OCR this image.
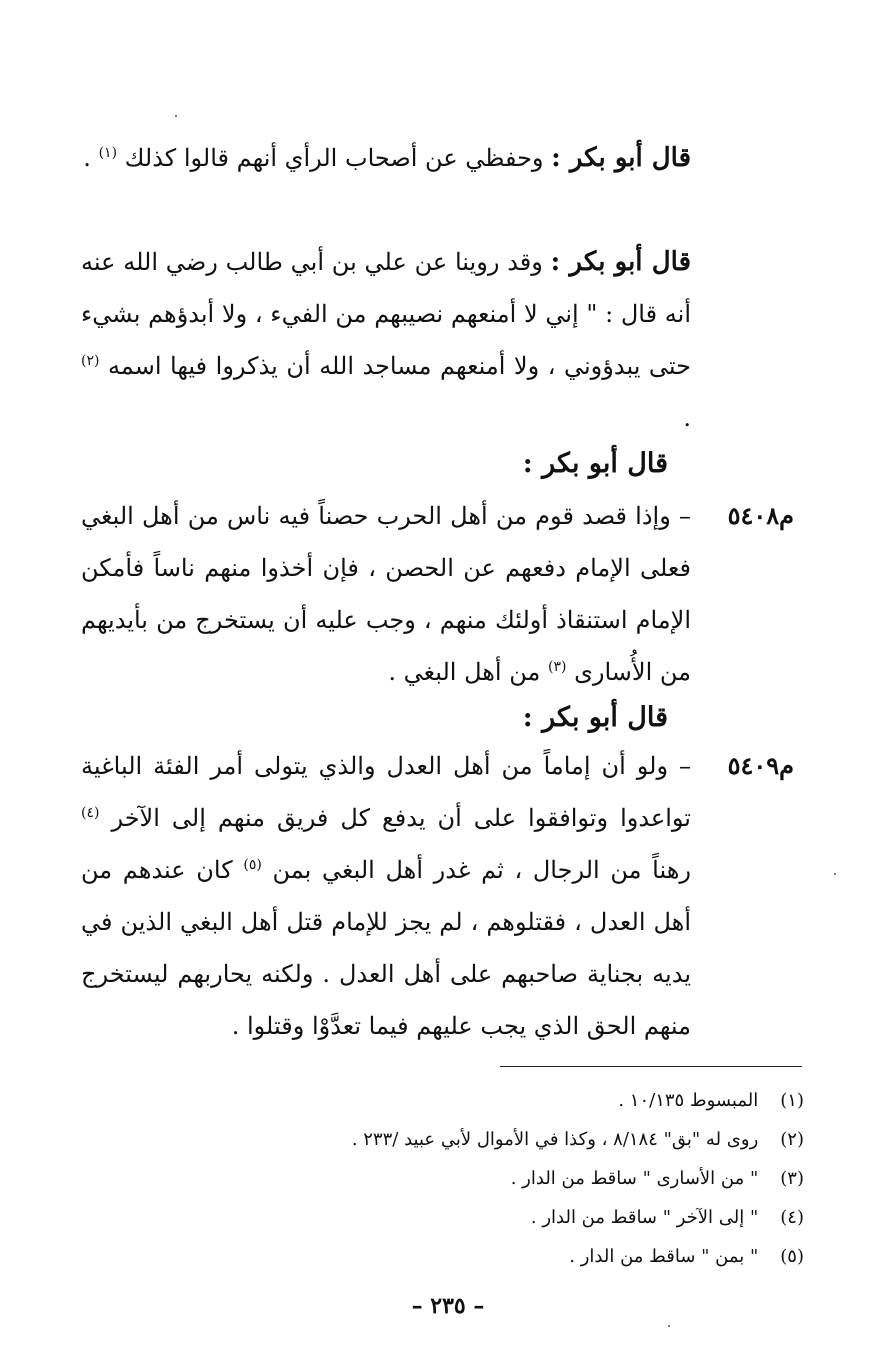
قال أبو بكر : وحفظي عن أصحاب الرأي أنهم قالوا كذلك $^{(١)}$ .
قال أبو بكر : وقد روينا عن علي بن أبي طالب رضي الله عنه أنه قال : " إني لا أمنعهم نصيبهم من الفيء ، ولا أبدؤهم بشيء حتى يبدؤوني ، ولا أمنعهم مساجد الله أن يذكروا فيها اسمه $^{(٢)}$ .
قال أبو بكر :
م٥٤٠٨
– وإذا قصد قوم من أهل الحرب حصناً فيه ناس من أهل البغي فعلى الإمام دفعهم عن الحصن ، فإن أخذوا منهم ناساً فأمكن الإمام استنقاذ أولئك منهم ، وجب عليه أن يستخرج من بأيديهم من الأُسارى $^{(٣)}$ من أهل البغي .
قال أبو بكر :
م٥٤٠٩
– ولو أن إماماً من أهل العدل والذي يتولى أمر الفئة الباغية تواعدوا وتوافقوا على أن يدفع كل فريق منهم إلى الآخر $^{(٤)}$ رهناً من الرجال ، ثم غدر أهل البغي بمن $^{(٥)}$ كان عندهم من أهل العدل ، فقتلوهم ، لم يجز للإمام قتل أهل البغي الذين في يديه بجناية صاحبهم على أهل العدل . ولكنه يحاربهم ليستخرج منهم الحق الذي يجب عليهم فيما تعدَّوْا وقتلوا .
(١) المبسوط ١٠/١٣٥ .
(٢) روى له "بق" ٨/١٨٤ ، وكذا في الأموال لأبي عبيد /٢٣٣ .
(٣) " من الأسارى " ساقط من الدار .
(٤) " إلى الآخر " ساقط من الدار .
(٥) " بمن " ساقط من الدار .
– ٢٣٥ –
